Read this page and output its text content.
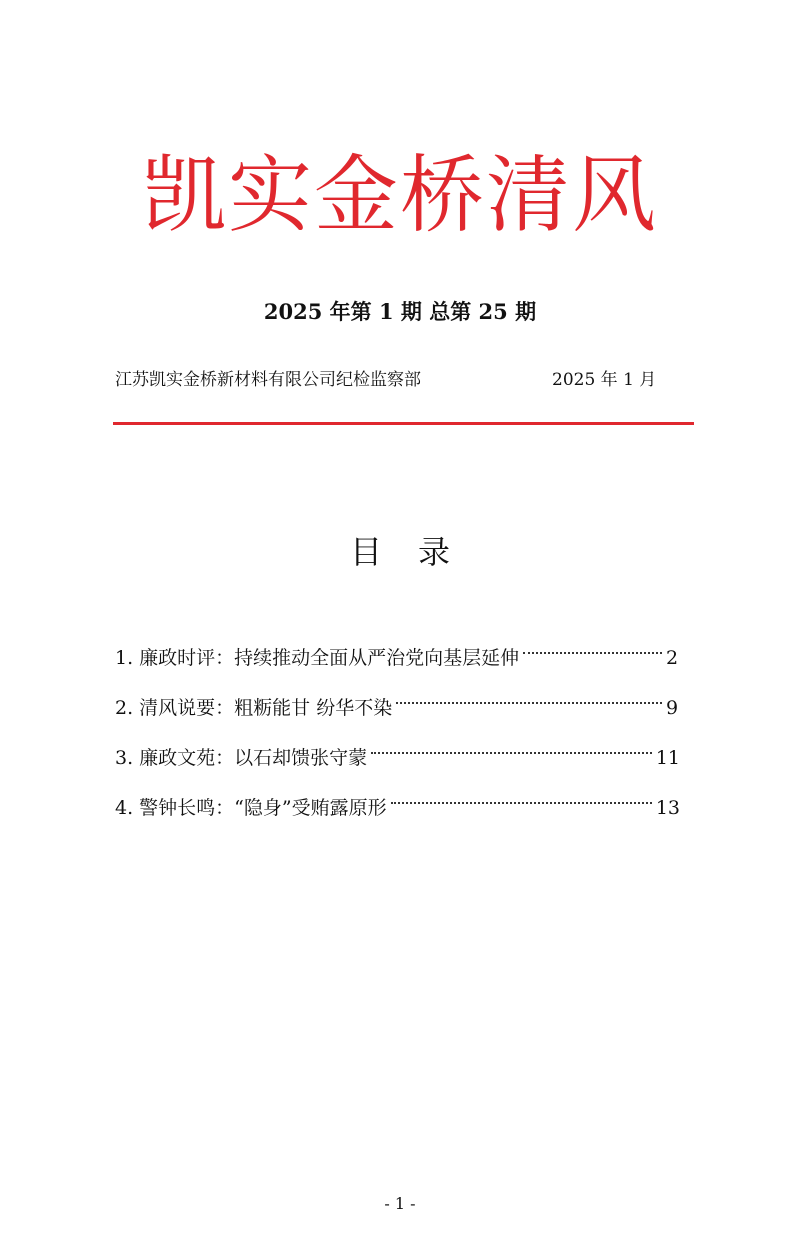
凯实金桥清风
2025 年第 1 期 总第 25 期
江苏凯实金桥新材料有限公司纪检监察部	2025 年 1 月
目 录
1. 廉政时评：持续推动全面从严治党向基层延伸	2
2. 清风说要：粗粝能甘 纷华不染	9
3. 廉政文苑：以石却馈张守蒙	11
4. 警钟长鸣：“隐身”受贿露原形	13
- 1 -
